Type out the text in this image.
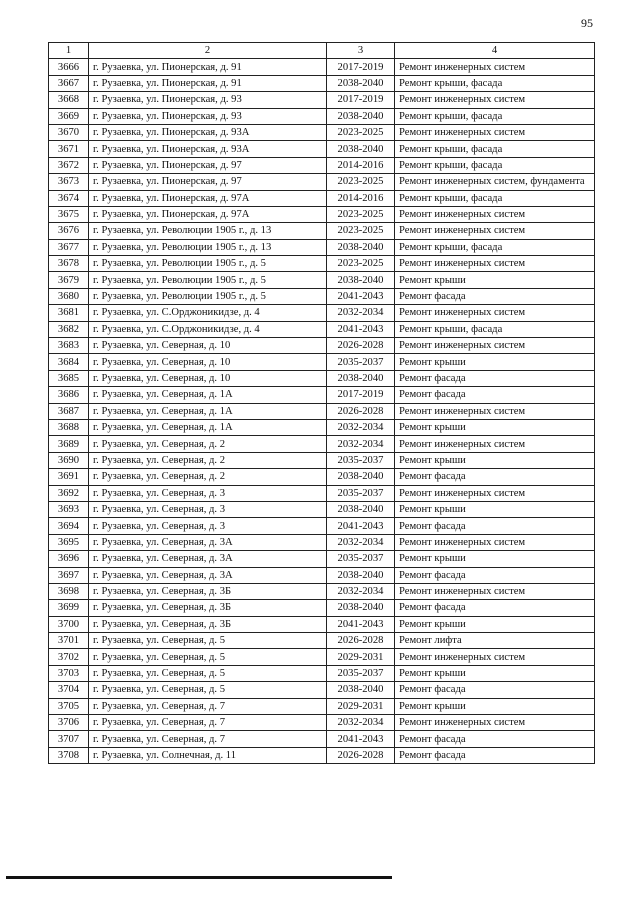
95
1	2	3	4
3666	г. Рузаевка, ул. Пионерская, д. 91	2017-2019	Ремонт инженерных систем
3667	г. Рузаевка, ул. Пионерская, д. 91	2038-2040	Ремонт крыши, фасада
3668	г. Рузаевка, ул. Пионерская, д. 93	2017-2019	Ремонт инженерных систем
3669	г. Рузаевка, ул. Пионерская, д. 93	2038-2040	Ремонт крыши, фасада
3670	г. Рузаевка, ул. Пионерская, д. 93А	2023-2025	Ремонт инженерных систем
3671	г. Рузаевка, ул. Пионерская, д. 93А	2038-2040	Ремонт крыши, фасада
3672	г. Рузаевка, ул. Пионерская, д. 97	2014-2016	Ремонт крыши, фасада
3673	г. Рузаевка, ул. Пионерская, д. 97	2023-2025	Ремонт инженерных систем, фундамента
3674	г. Рузаевка, ул. Пионерская, д. 97А	2014-2016	Ремонт крыши, фасада
3675	г. Рузаевка, ул. Пионерская, д. 97А	2023-2025	Ремонт инженерных систем
3676	г. Рузаевка, ул. Революции 1905 г., д. 13	2023-2025	Ремонт инженерных систем
3677	г. Рузаевка, ул. Революции 1905 г., д. 13	2038-2040	Ремонт крыши, фасада
3678	г. Рузаевка, ул. Революции 1905 г., д. 5	2023-2025	Ремонт инженерных систем
3679	г. Рузаевка, ул. Революции 1905 г., д. 5	2038-2040	Ремонт крыши
3680	г. Рузаевка, ул. Революции 1905 г., д. 5	2041-2043	Ремонт фасада
3681	г. Рузаевка, ул. С.Орджоникидзе, д. 4	2032-2034	Ремонт инженерных систем
3682	г. Рузаевка, ул. С.Орджоникидзе, д. 4	2041-2043	Ремонт крыши, фасада
3683	г. Рузаевка, ул. Северная, д. 10	2026-2028	Ремонт инженерных систем
3684	г. Рузаевка, ул. Северная, д. 10	2035-2037	Ремонт крыши
3685	г. Рузаевка, ул. Северная, д. 10	2038-2040	Ремонт фасада
3686	г. Рузаевка, ул. Северная, д. 1А	2017-2019	Ремонт фасада
3687	г. Рузаевка, ул. Северная, д. 1А	2026-2028	Ремонт инженерных систем
3688	г. Рузаевка, ул. Северная, д. 1А	2032-2034	Ремонт крыши
3689	г. Рузаевка, ул. Северная, д. 2	2032-2034	Ремонт инженерных систем
3690	г. Рузаевка, ул. Северная, д. 2	2035-2037	Ремонт крыши
3691	г. Рузаевка, ул. Северная, д. 2	2038-2040	Ремонт фасада
3692	г. Рузаевка, ул. Северная, д. 3	2035-2037	Ремонт инженерных систем
3693	г. Рузаевка, ул. Северная, д. 3	2038-2040	Ремонт крыши
3694	г. Рузаевка, ул. Северная, д. 3	2041-2043	Ремонт фасада
3695	г. Рузаевка, ул. Северная, д. 3А	2032-2034	Ремонт инженерных систем
3696	г. Рузаевка, ул. Северная, д. 3А	2035-2037	Ремонт крыши
3697	г. Рузаевка, ул. Северная, д. 3А	2038-2040	Ремонт фасада
3698	г. Рузаевка, ул. Северная, д. 3Б	2032-2034	Ремонт инженерных систем
3699	г. Рузаевка, ул. Северная, д. 3Б	2038-2040	Ремонт фасада
3700	г. Рузаевка, ул. Северная, д. 3Б	2041-2043	Ремонт крыши
3701	г. Рузаевка, ул. Северная, д. 5	2026-2028	Ремонт лифта
3702	г. Рузаевка, ул. Северная, д. 5	2029-2031	Ремонт инженерных систем
3703	г. Рузаевка, ул. Северная, д. 5	2035-2037	Ремонт крыши
3704	г. Рузаевка, ул. Северная, д. 5	2038-2040	Ремонт фасада
3705	г. Рузаевка, ул. Северная, д. 7	2029-2031	Ремонт крыши
3706	г. Рузаевка, ул. Северная, д. 7	2032-2034	Ремонт инженерных систем
3707	г. Рузаевка, ул. Северная, д. 7	2041-2043	Ремонт фасада
3708	г. Рузаевка, ул. Солнечная, д. 11	2026-2028	Ремонт фасада
